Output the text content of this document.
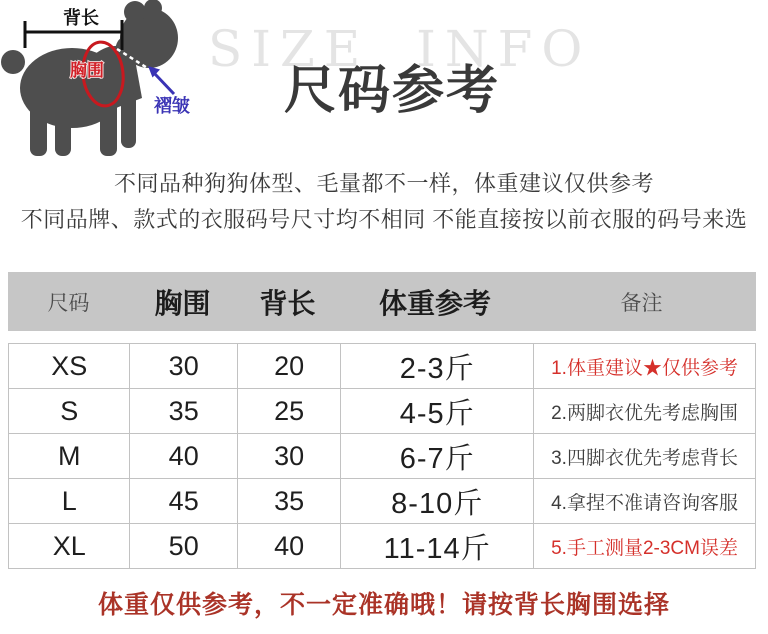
背长
胸围
褶皱
SIZE INFO
尺码参考
不同品种狗狗体型、毛量都不一样，体重建议仅供参考
不同品牌、款式的衣服码号尺寸均不相同 不能直接按以前衣服的码号来选
尺码	胸围	背长	体重参考	备注
XS	30	20	2-3斤	1.体重建议★仅供参考
S	35	25	4-5斤	2.两脚衣优先考虑胸围
M	40	30	6-7斤	3.四脚衣优先考虑背长
L	45	35	8-10斤	4.拿捏不准请咨询客服
XL	50	40	11-14斤	5.手工测量2-3CM误差
体重仅供参考，不一定准确哦！请按背长胸围选择
